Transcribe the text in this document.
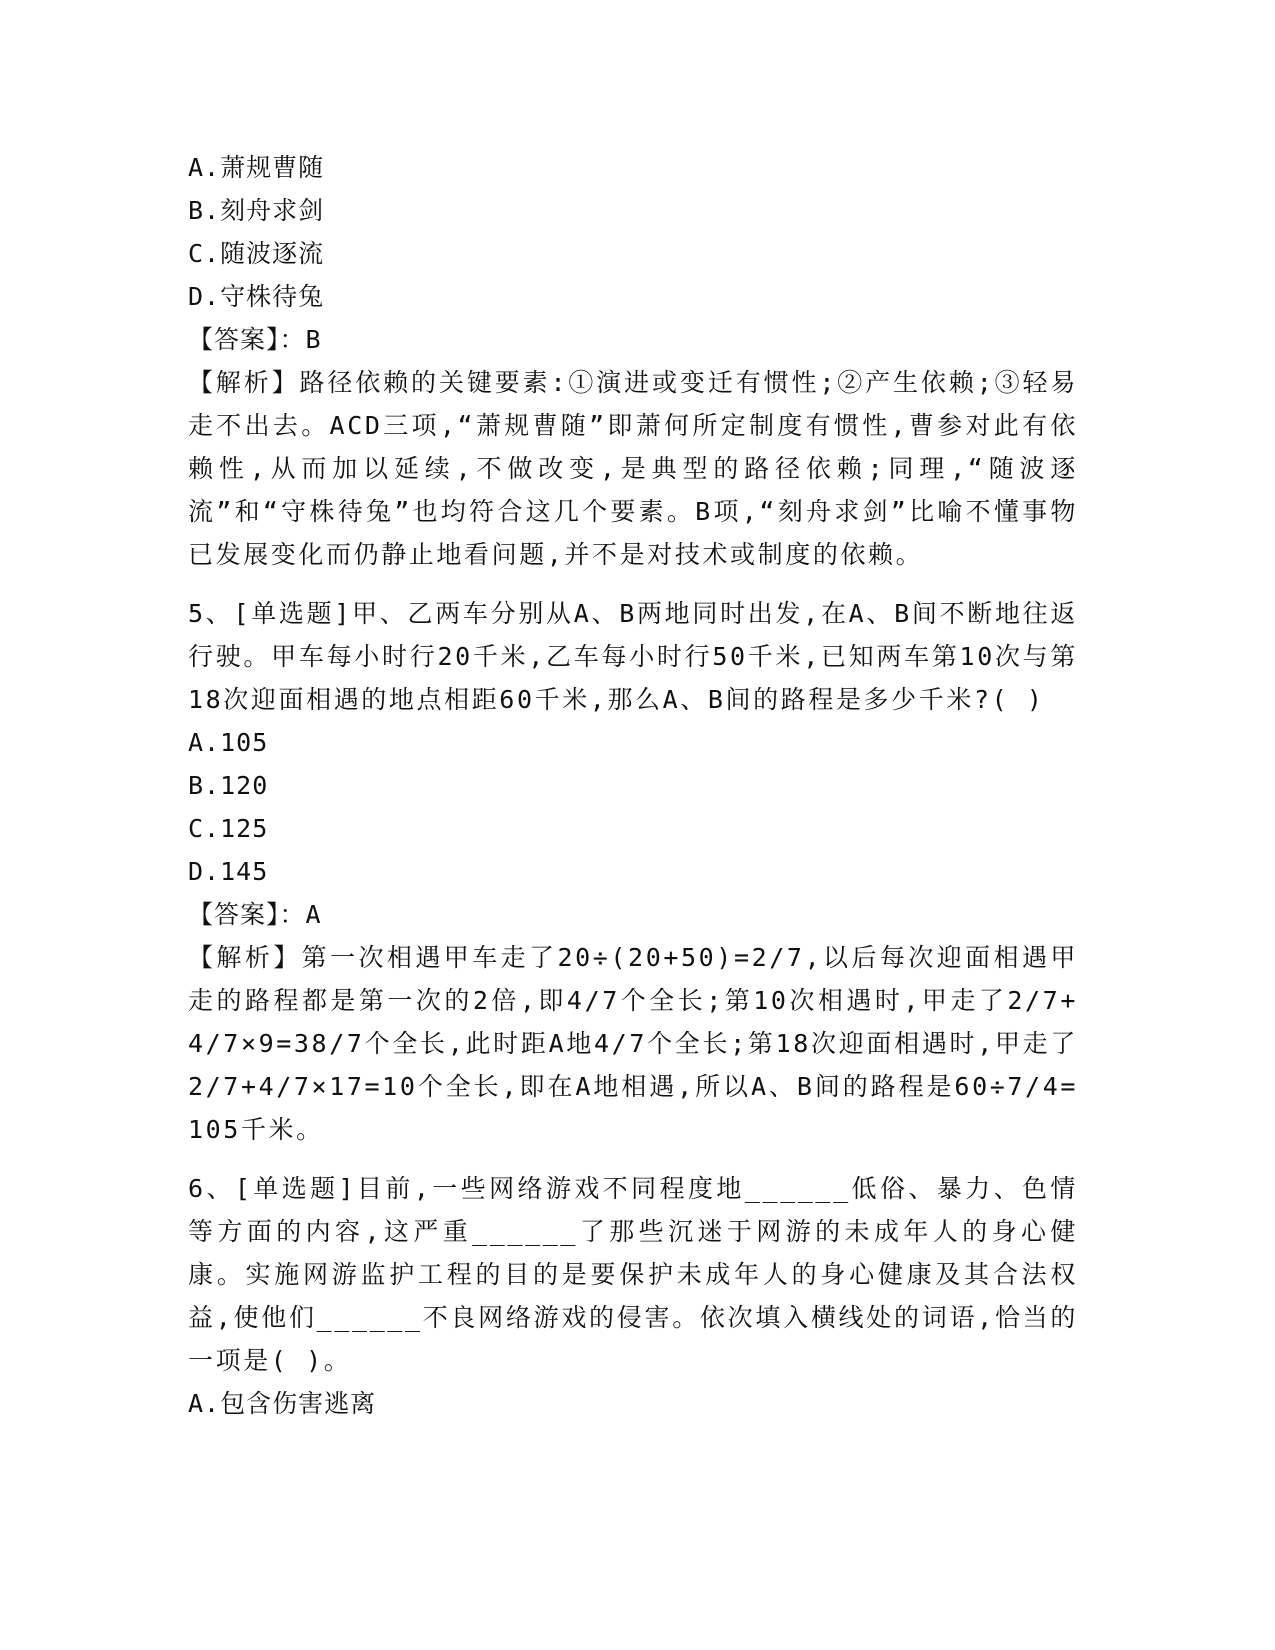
A.萧规曹随
B.刻舟求剑
C.随波逐流
D.守株待兔
【答案】：B
【解析】路径依赖的关键要素:①演进或变迁有惯性;②产生依赖;③轻易走不出去。ACD三项,“萧规曹随”即萧何所定制度有惯性,曹参对此有依赖性,从而加以延续,不做改变,是典型的路径依赖;同理,“随波逐流”和“守株待兔”也均符合这几个要素。B项,“刻舟求剑”比喻不懂事物已发展变化而仍静止地看问题,并不是对技术或制度的依赖。
5、[单选题]甲、乙两车分别从A、B两地同时出发,在A、B间不断地往返行驶。甲车每小时行20千米,乙车每小时行50千米,已知两车第10次与第18次迎面相遇的地点相距60千米,那么A、B间的路程是多少千米?( )
A.105
B.120
C.125
D.145
【答案】：A
【解析】第一次相遇甲车走了20÷(20+50)=2/7,以后每次迎面相遇甲走的路程都是第一次的2倍,即4/7个全长;第10次相遇时,甲走了2/7+4/7×9=38/7个全长,此时距A地4/7个全长;第18次迎面相遇时,甲走了2/7+4/7×17=10个全长,即在A地相遇,所以A、B间的路程是60÷7/4=105千米。
6、[单选题]目前,一些网络游戏不同程度地______低俗、暴力、色情等方面的内容,这严重______了那些沉迷于网游的未成年人的身心健康。实施网游监护工程的目的是要保护未成年人的身心健康及其合法权益,使他们______不良网络游戏的侵害。依次填入横线处的词语,恰当的一项是( )。
A.包含伤害逃离
